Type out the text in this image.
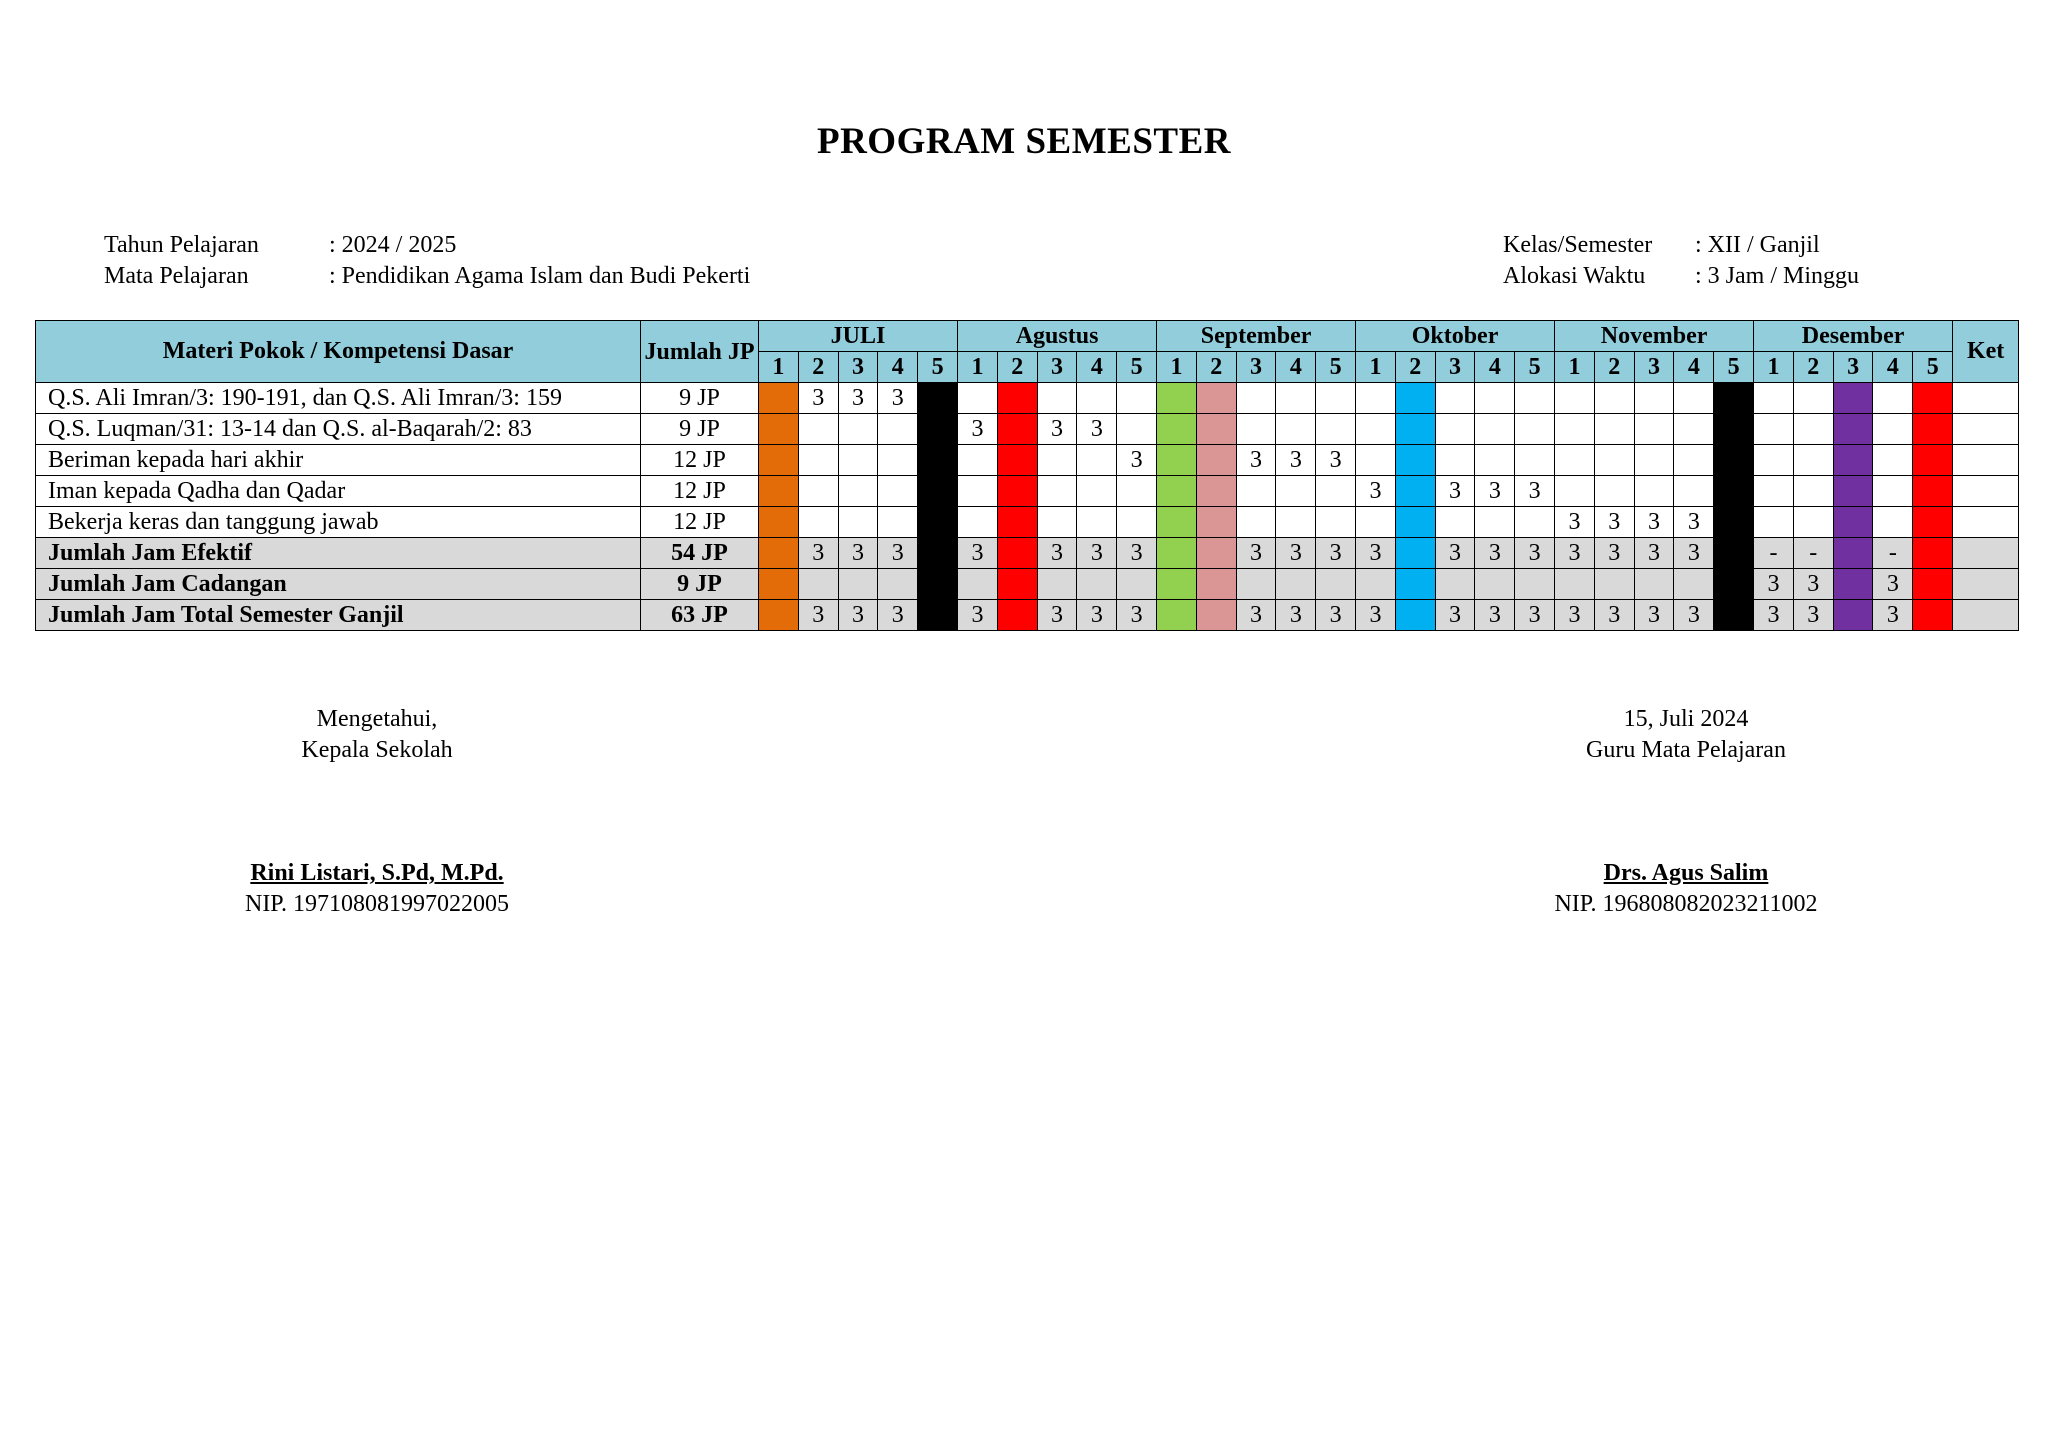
PROGRAM SEMESTER
Tahun Pelajaran	: 2024 / 2025
Mata Pelajaran	: Pendidikan Agama Islam dan Budi Pekerti
Kelas/Semester	: XII / Ganjil
Alokasi Waktu	: 3 Jam / Minggu
Materi Pokok / Kompetensi Dasar	Jumlah JP	JULI					Agustus					September					Oktober					November					Desember					Ket
		1	2	3	4	5	1	2	3	4	5	1	2	3	4	5	1	2	3	4	5	1	2	3	4	5	1	2	3	4	5	
Q.S. Ali Imran/3: 190-191, dan Q.S. Ali Imran/3: 159	9 JP		3	3	3																											
Q.S. Luqman/31: 13-14 dan Q.S. al-Baqarah/2: 83	9 JP						3		3	3																						
Beriman kepada hari akhir	12 JP										3			3	3	3																
Iman kepada Qadha dan Qadar	12 JP																3		3	3	3											
Bekerja keras dan tanggung jawab	12 JP																					3	3	3	3							
Jumlah Jam Efektif	54 JP		3	3	3		3		3	3	3			3	3	3	3		3	3	3	3	3	3	3		-	-		-		
Jumlah Jam Cadangan	9 JP																										3	3		3		
Jumlah Jam Total Semester Ganjil	63 JP		3	3	3		3		3	3	3			3	3	3	3		3	3	3	3	3	3	3		3	3		3		
Mengetahui,
Kepala Sekolah
Rini Listari, S.Pd, M.Pd.
NIP. 197108081997022005
15, Juli 2024
Guru Mata Pelajaran
Drs. Agus Salim
NIP. 196808082023211002
